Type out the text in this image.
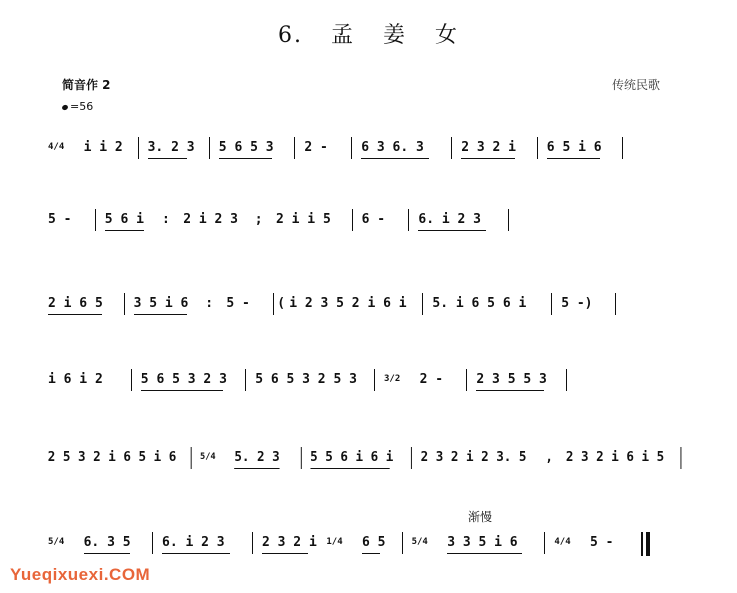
6. 孟 姜 女
简音作 2	传统民歌
=56
渐慢
4/4 i i 2 3. 2 3 5 6 5 3 2 -	6 3 6. 3	2 3 2 i 6 5 i 6
5 -	5 6 i : 2 i 2 3 ; 2 i i 5 6 -	6. i 2 3
2 i 6 5 3 5 i 6 : 5 - ( i 2 3 5 2 i 6 i 5. i 6 5 6 i	5 -)
i 6 i 2	5 6 5 3 2 3 5 6 5 3 2 5 3	3/2 2 -	2 3 5 5 3
2 5 3 2 i 6 5 i 6	5/4 5. 2 3 5 5 6 i 6 i 2 3 2 i 2 3. 5 , 2 3 2 i 6 i 5
5/4 6. 3 5 6. i 2 3	2 3 2 i 1/4 6 5	5/4 3 3 5 i 6	4/4 5 -
Yueqixuexi.COM
